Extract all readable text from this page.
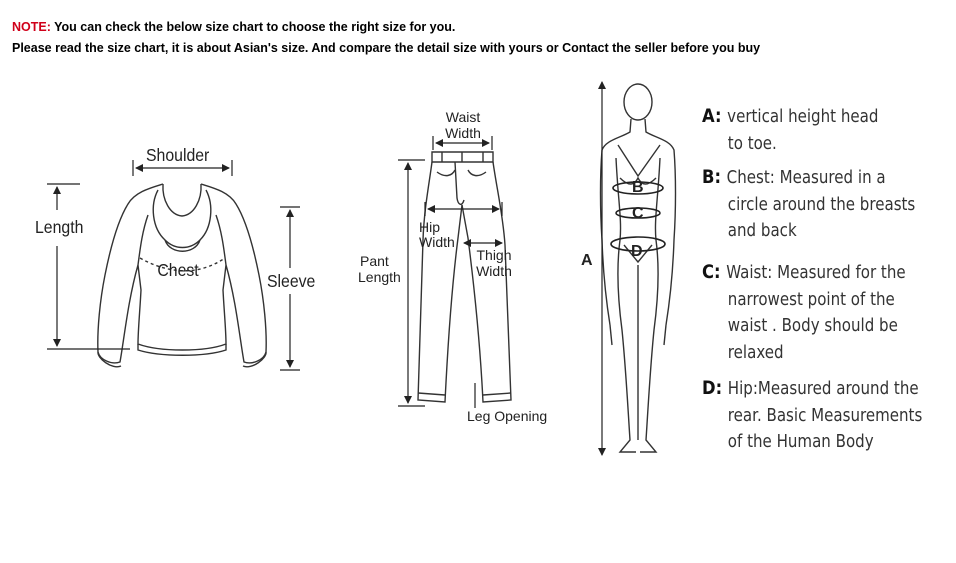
NOTE: You can check the below size chart to choose the right size for you.
Please read the size chart, it is about Asian's size. And compare the detail size with yours or Contact the seller before you buy
Shoulder
Length
Chest
Sleeve
Waist
Width
Hip
Width
Thigh
Width
Pant
Length
Leg Opening
A
B
C
D
A: vertical height head
to toe.
B: Chest: Measured in a
circle around the breasts
and back
C: Waist: Measured for the
narrowest point of the
waist . Body should be
relaxed
D: Hip:Measured around the
rear. Basic Measurements
of the Human Body
